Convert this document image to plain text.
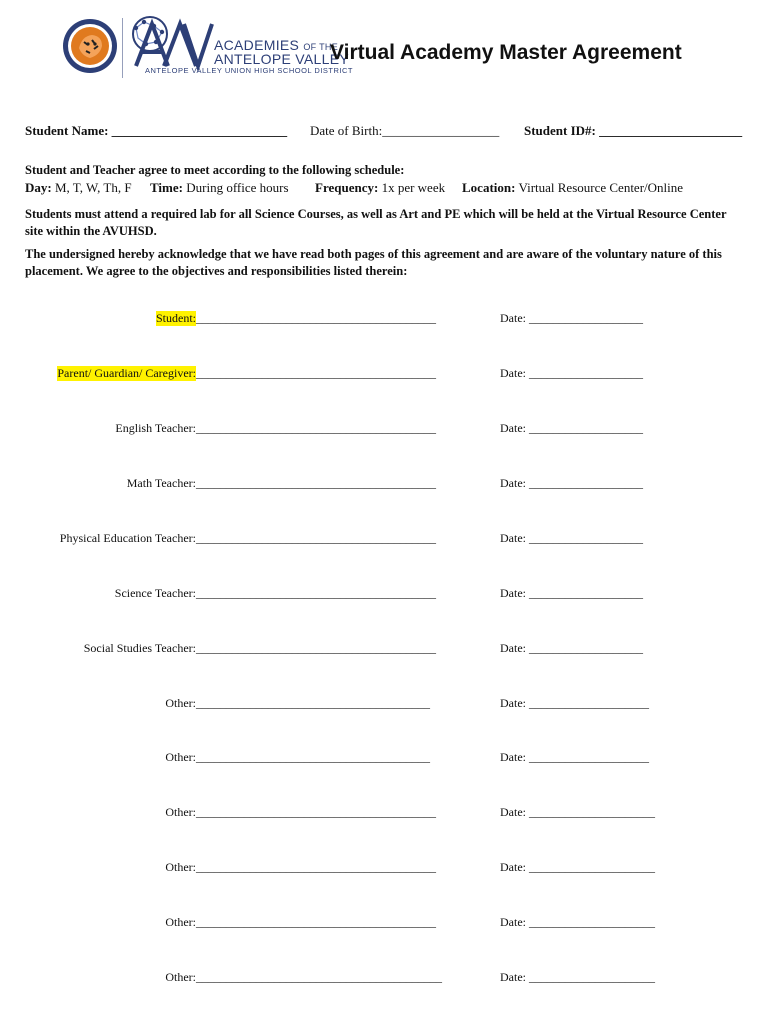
ACADEMIES OF THE
ANTELOPE VALLEY
ANTELOPE VALLEY UNION HIGH SCHOOL DISTRICT
Virtual Academy Master Agreement
Student Name: ___________________________ Date of Birth:__________________ Student ID#: ______________________
Student and Teacher agree to meet according to the following schedule:
Day: M, T, W, Th, F Time: During office hours Frequency: 1x per week Location: Virtual Resource Center/Online
Students must attend a required lab for all Science Courses, as well as Art and PE which will be held at the Virtual Resource Center site within the AVUHSD.
The undersigned hereby acknowledge that we have read both pages of this agreement and are aware of the voluntary nature of this placement. We agree to the objectives and responsibilities listed therein:
Student: ________________________________________	Date: ___________________
Parent/ Guardian/ Caregiver: ________________________________________	Date: ___________________
English Teacher: ________________________________________	Date: ___________________
Math Teacher: ________________________________________	Date: ___________________
Physical Education Teacher: ________________________________________	Date: ___________________
Science Teacher: ________________________________________	Date: ___________________
Social Studies Teacher: ________________________________________	Date: ___________________
Other: _______________________________________	Date: ____________________
Other: _______________________________________	Date: ____________________
Other: ________________________________________	Date: _____________________
Other: ________________________________________	Date: _____________________
Other: ________________________________________	Date: _____________________
Other: _________________________________________	Date: _____________________
